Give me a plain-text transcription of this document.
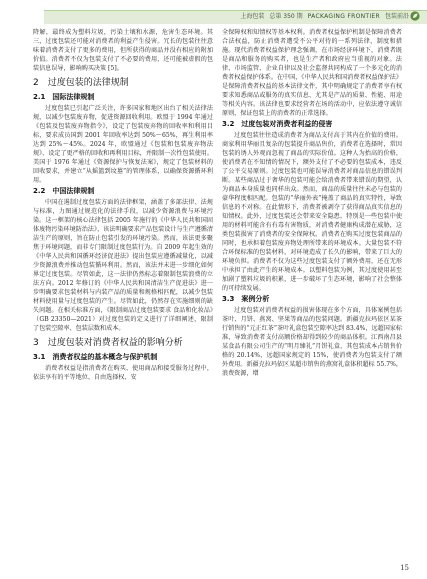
上海包装 总第 350 期 PACKAGING FRONTIER 包装前沿

降解，最终成为塑料垃圾，污染土壤和水源，危害生态环境。其三，过度包装还可能对消费者的利益产生侵害。冗长的包装往往意味着消费者支付了更多的费用，但所获得的商品并没有相应的附加价值。消费者不仅为包装支付了不必要的费用，还可能被虚假的包装信息误导，影响购买决策 [5]。

2　过度包装的法律规制
2.1　国际法律规制

过度包装已引起广泛关注，许多国家和地区出台了相关法律法规，以减少包装废弃物，促进资源回收利用。欧盟于 1994 年通过《包装及包装废弃物指令》，设定了包装废弃物的回收率和利用目标，要求成员国到 2001 年回收率达到 50%～65%，再生利用率达到 25%～45%。2024 年，欧盟通过《包装和包装废弃物法规》，设定了更严格的回收和再利用目标，并限制一次性包装使用。美国于 1976 年通过《资源保护与恢复法案》，规定了包装材料的回收要求，并建立“从摇篮到坟墓”的管理体系，以确保资源循环利用。

2.2　中国法律规制

中国在遏制过度包装方面的法律框架，涵盖了多部法律、法规与标准，力图通过规范化的法律手段，以减少资源浪费与环境污染。这一框架的核心法律包括 2005 年施行的《中华人民共和国固体废物污染环境防治法》，该法明确要求产品包装设计与生产遵循清洁生产的原则，旨在防止包装引发的环境污染。然而，该法更多聚焦于环境问题，而非专门限制过度包装行为。自 2009 年起生效的《中华人民共和国循环经济促进法》提出包装应遵循减量化，以减少资源浪费并推动包装循环利用。然而，该法并未进一步细化如何界定过度包装。尽管如此，这一法律仍然标志着限制包装浪费的立法方向。2012 年修订的《中华人民共和国清洁生产促进法》进一步明确要求包装材料与内装产品的质量和规格相匹配，以减少包装材料使用量与过度包装的产生。尽管如此，仍然存在实施细则的缺失问题。在相关标准方面，《限制商品过度包装要求 食品和化妆品》（GB 23350—2021）对过度包装的定义进行了详细阐述，限制了包装空隙率、包装层数和成本。

3　过度包装对消费者权益的影响分析
3.1　消费者权益的基本概念与保护机制

消费者权益是指消费者在购买、使用商品和接受服务过程中，依法享有的平等地位、自由选择权、安

全保障权和知情权等基本权利。消费者权益保护机制是保障消费者合法权益，防止消费者遭受不公平对待的一系列法律、制度和措施。现代消费者权益保护理念强调，在市场经济环境下，消费者既是商品和服务的购买者，也是生产者和政府应当重视的对象。法律、市场监管、企业自律以及社会监督共同构成了一个多元化的消费者权益保护体系。在中国，《中华人民共和国消费者权益保护法》是保障消费者权益的基本法律文件，其中明确规定了消费者享有权要求知悉商品或服务的真实信息、尤其是产品的质量、性能、用途等相关内容。该法律也要求经营者在场的活动中，应依法遵守诚信原则，保证包装上的消费者的正常选择。

3.2　过度包装对消费者利益的侵害

过度包装往往造成消费者为商品支付高于其内在价值的费用。商家利用华丽且复杂的包装提升商品售价，消费者在选择时，常因包装的诱人外观而忽视了商品的实际价值。这种人为抬高的价格，使消费者在不知情的情况下，额外支付了不必要的包装成本，违反了公平交易原则。过度包装也可能误导消费者对商品信息的错误判断。某些商品过于奢华的包装可能会给消费者带来错误的期望，认为商品本身质量也同样出众。然而，商品的质量往往未必与包装的豪华程度相匹配。包装的“华丽外表”掩盖了商品的真实特性，导致信息的不对称。在此情形下，消费者被剥夺了获得商品真实信息的知情权。此外，过度包装还会带来安全隐患。特别是一些包装中使用的材料可能含有有毒有害物质，对消费者健康构成潜在威胁，这类包装损害了消费者的安全保障权。消费者在购买过度包装商品的同时，也承担着包装废弃物处理所带来的环境成本。大量包装不符合环保标准的包装材料，对环境造成了长久的影响，带来了巨大的环境负担。消费者不仅为这些过度包装支付了额外费用，还在无形中承担了由此产生的环境成本。以塑料包装为例，其过度使用甚至加剧了塑料垃圾的积累，进一步破坏了生态环境，影响了社会整体的可持续发展。

3.3　案例分析

过度包装对消费者权益的损害体现在多个方面，具体案例包括茶叶、月饼、燕窝、坚果等商品的包装问题。新疆克拉玛依区某茶行销售的“元正红茶”茶叶礼盒包装空隙率达到 83.4%，远超国家标准，导致消费者支付高额价格却得到较少的商品体积。江西南昌县某食品有限公司生产的“明月臻礼”月饼礼盒，其包装成本占销售价格的 20.14%，远超国家规定的 15%，使消费者为包装支付了额外费用。新疆克拉玛依区某超市销售的燕窝礼盒体积超标 55.7%，浪费资源，增

15
